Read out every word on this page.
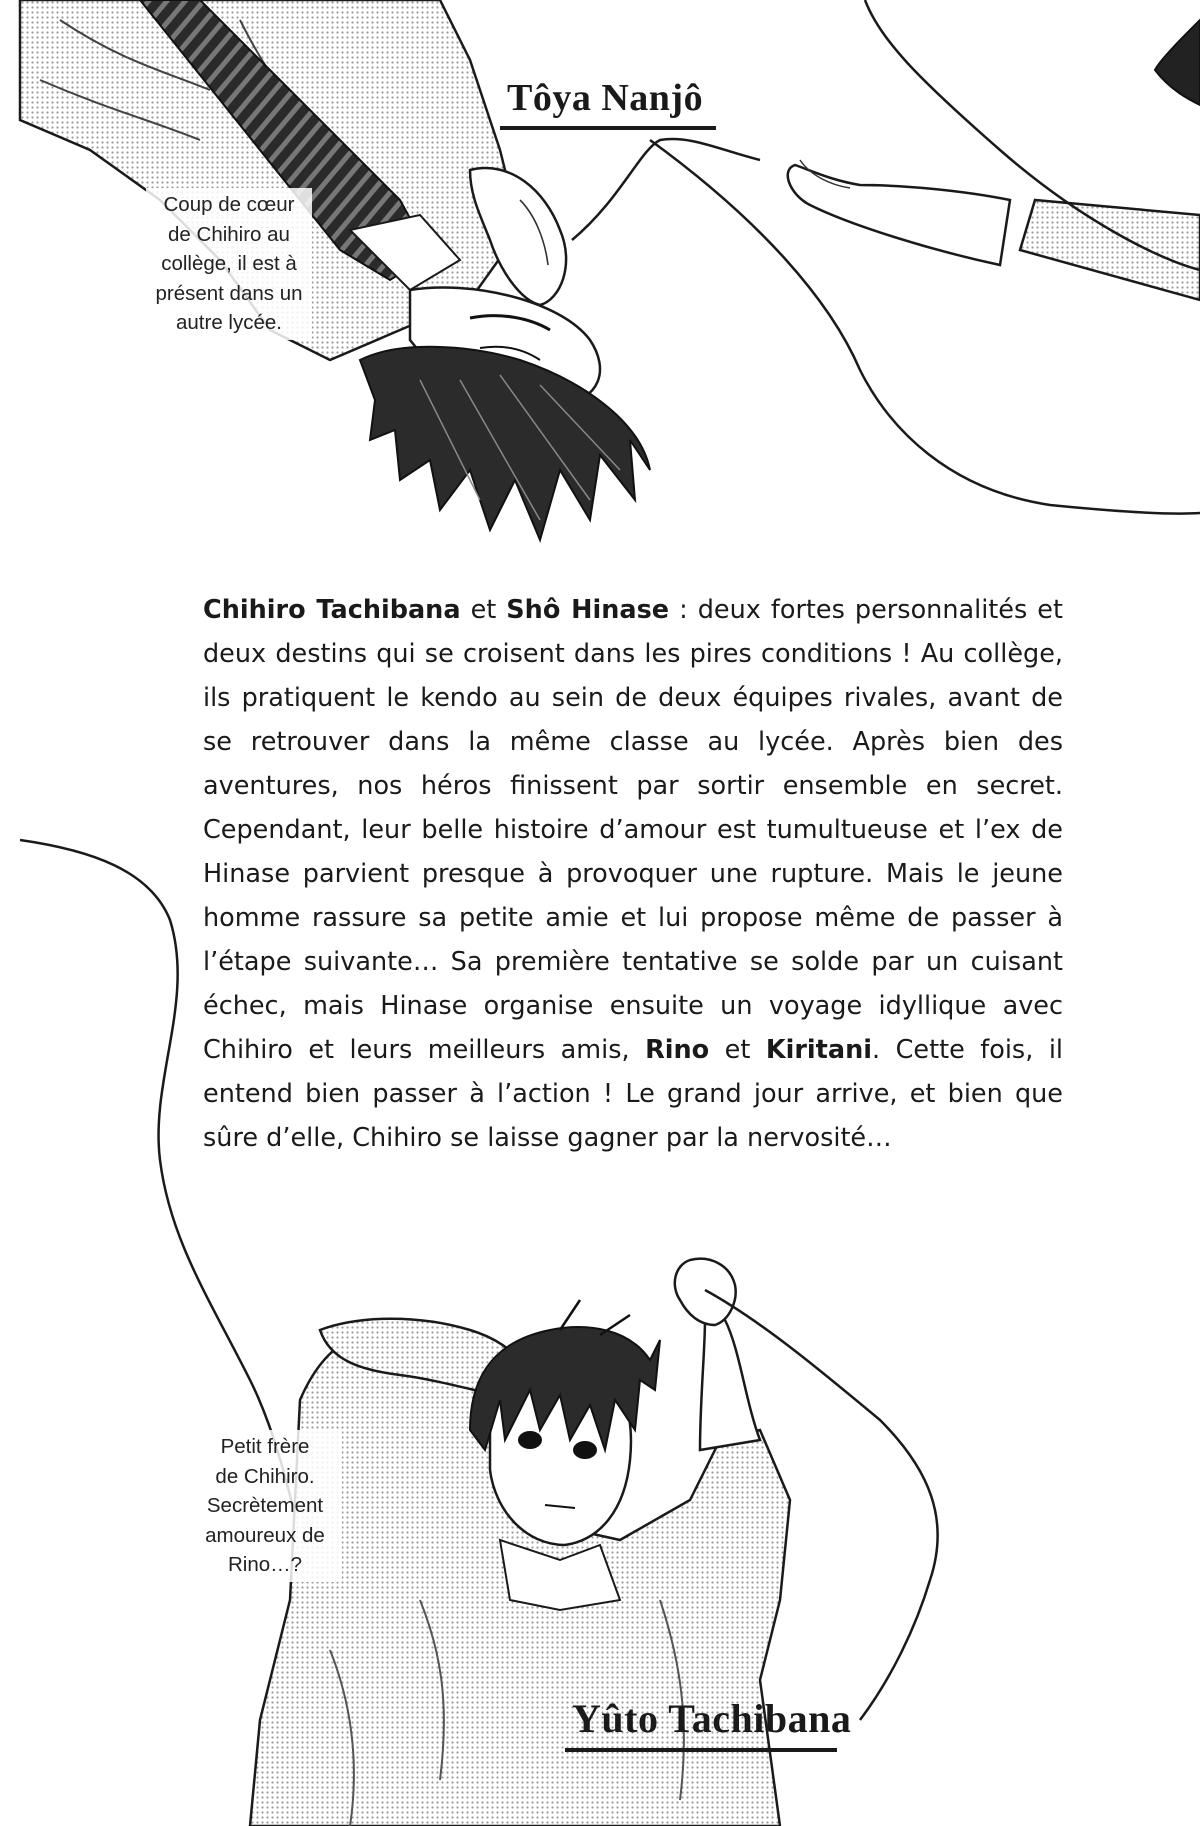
Tôya Nanjô
Coup de cœur
de Chihiro au
collège, il est à
présent dans un
autre lycée.

Chihiro Tachibana et Shô Hinase : deux fortes personnalités et deux destins qui se croisent dans les pires conditions ! Au collège, ils pratiquent le kendo au sein de deux équipes rivales, avant de se retrouver dans la même classe au lycée. Après bien des aventures, nos héros finissent par sortir ensemble en secret. Cependant, leur belle histoire d’amour est tumultueuse et l’ex de Hinase parvient presque à provoquer une rupture. Mais le jeune homme rassure sa petite amie et lui propose même de passer à l’étape suivante… Sa première tentative se solde par un cuisant échec, mais Hinase organise ensuite un voyage idyllique avec Chihiro et leurs meilleurs amis, Rino et Kiritani. Cette fois, il entend bien passer à l’action ! Le grand jour arrive, et bien que sûre d’elle, Chihiro se laisse gagner par la nervosité…

Petit frère
de Chihiro.
Secrètement
amoureux de
Rino…?
Yûto Tachibana
